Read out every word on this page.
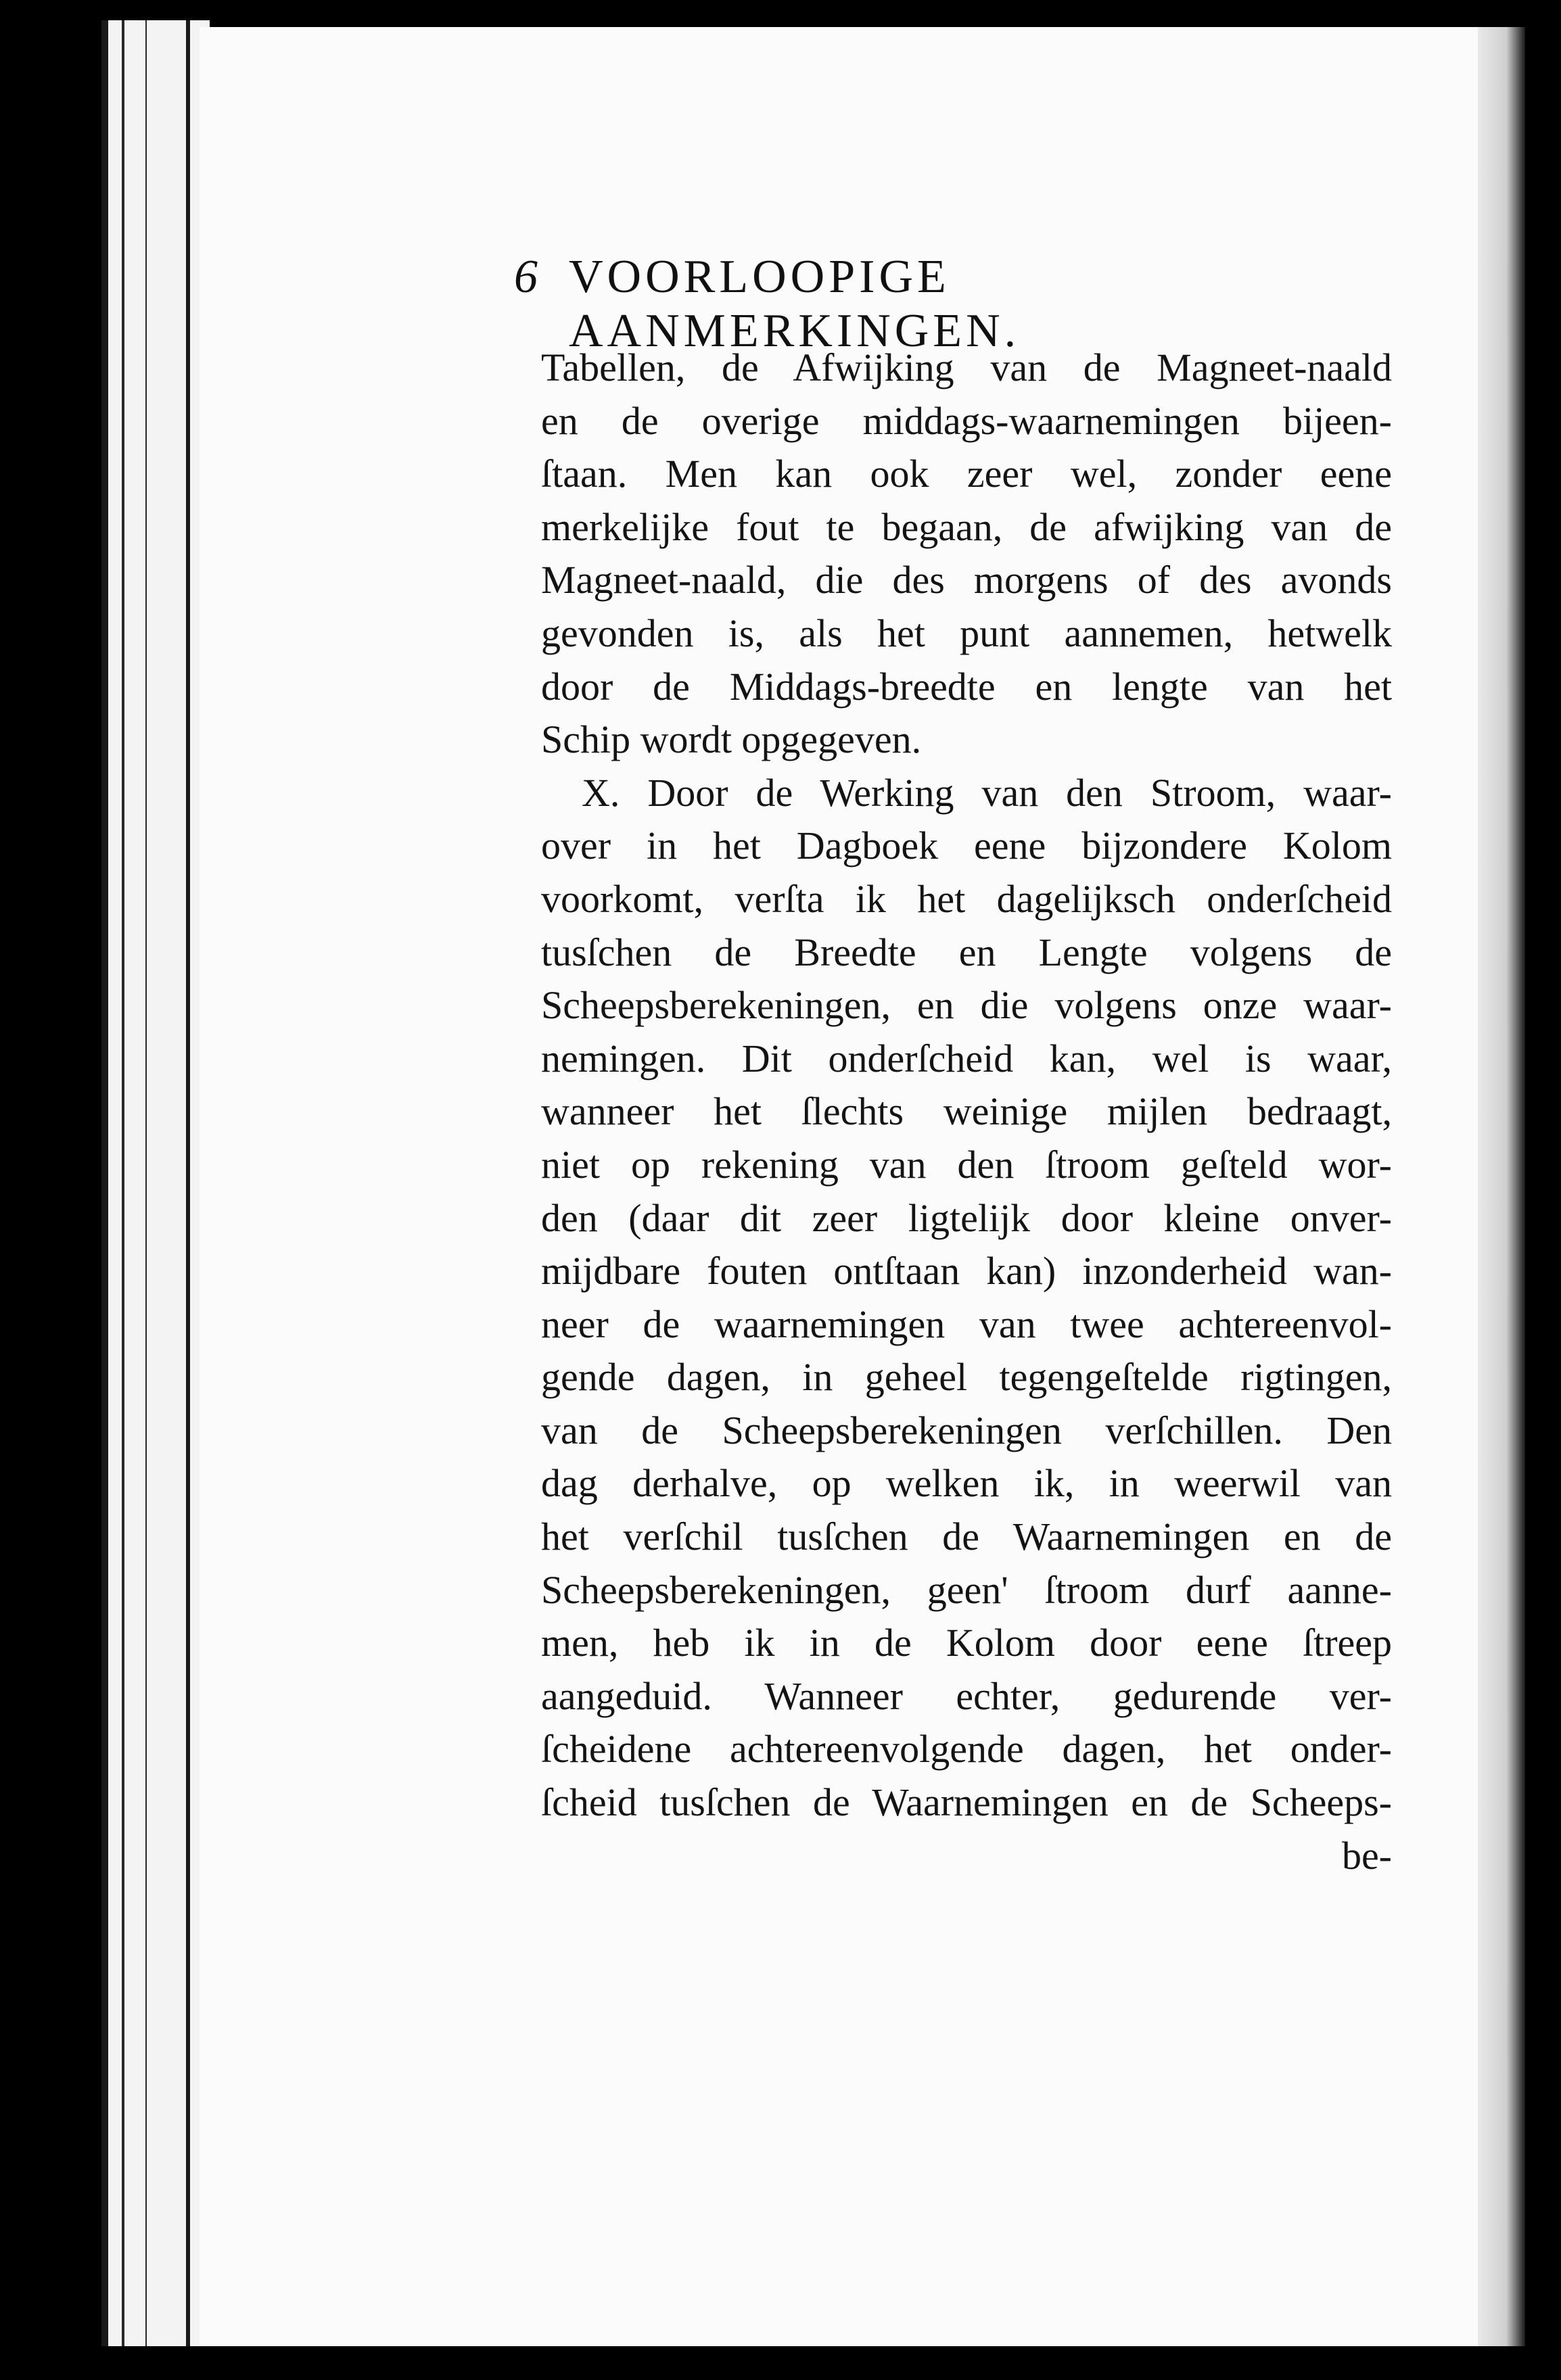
6 VOORLOOPIGE AANMERKINGEN.
Tabellen, de Afwijking van de Magneet-naald
en de overige middags-waarnemingen bijeen-
ſtaan. Men kan ook zeer wel, zonder eene
merkelijke fout te begaan, de afwijking van de
Magneet-naald, die des morgens of des avonds
gevonden is, als het punt aannemen, hetwelk
door de Middags-breedte en lengte van het
Schip wordt opgegeven.
X. Door de Werking van den Stroom, waar-
over in het Dagboek eene bijzondere Kolom
voorkomt, verſta ik het dagelijksch onderſcheid
tusſchen de Breedte en Lengte volgens de
Scheepsberekeningen, en die volgens onze waar-
nemingen. Dit onderſcheid kan, wel is waar,
wanneer het ſlechts weinige mijlen bedraagt,
niet op rekening van den ſtroom geſteld wor-
den (daar dit zeer ligtelijk door kleine onver-
mijdbare fouten ontſtaan kan) inzonderheid wan-
neer de waarnemingen van twee achtereenvol-
gende dagen, in geheel tegengeſtelde rigtingen,
van de Scheepsberekeningen verſchillen. Den
dag derhalve, op welken ik, in weerwil van
het verſchil tusſchen de Waarnemingen en de
Scheepsberekeningen, geen' ſtroom durf aanne-
men, heb ik in de Kolom door eene ſtreep
aangeduid. Wanneer echter, gedurende ver-
ſcheidene achtereenvolgende dagen, het onder-
ſcheid tusſchen de Waarnemingen en de Scheeps-
be-
